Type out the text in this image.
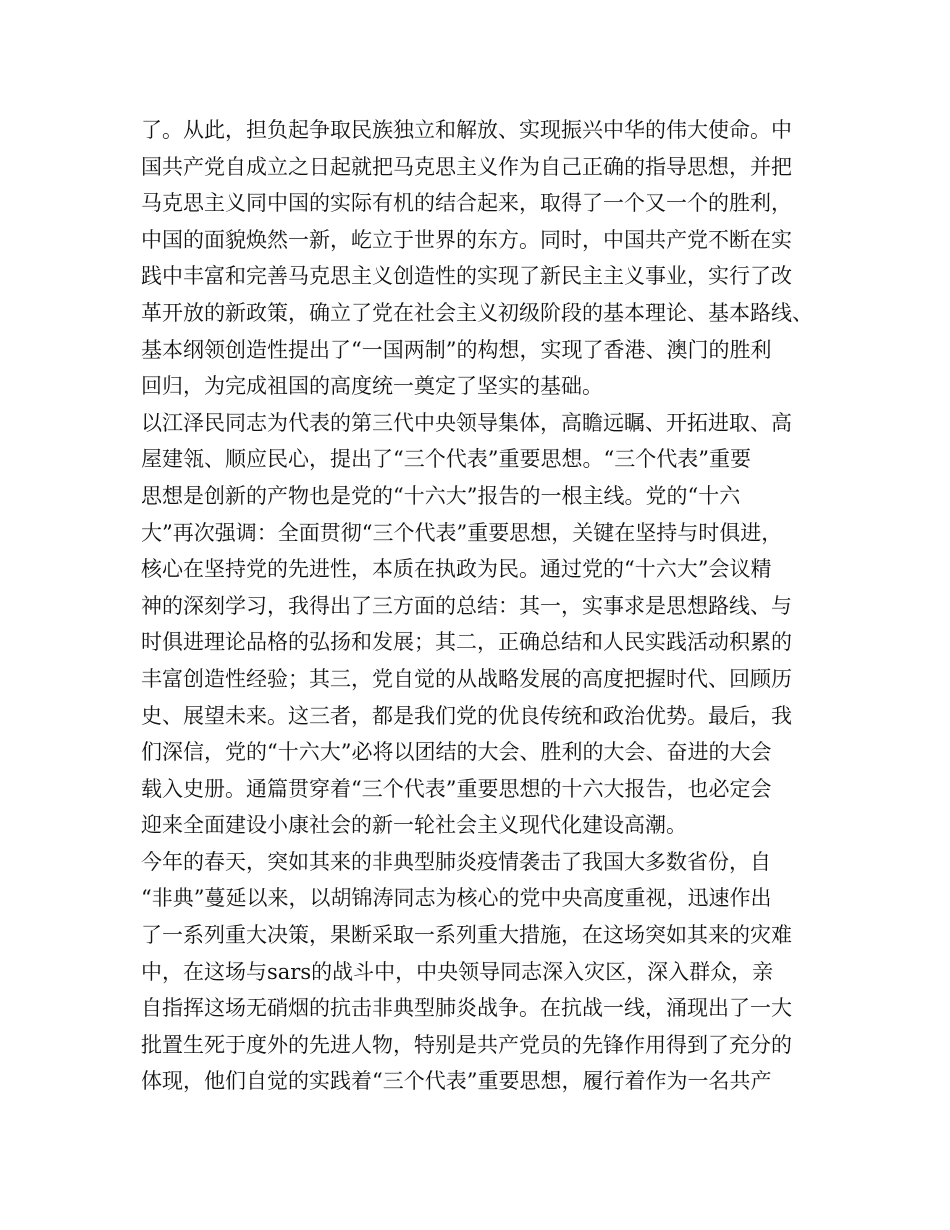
了。从此，担负起争取民族独立和解放、实现振兴中华的伟大使命。中
国共产党自成立之日起就把马克思主义作为自己正确的指导思想，并把
马克思主义同中国的实际有机的结合起来，取得了一个又一个的胜利，
中国的面貌焕然一新，屹立于世界的东方。同时，中国共产党不断在实
践中丰富和完善马克思主义创造性的实现了新民主主义事业，实行了改
革开放的新政策，确立了党在社会主义初级阶段的基本理论、基本路线、
基本纲领创造性提出了“一国两制”的构想，实现了香港、澳门的胜利
回归，为完成祖国的高度统一奠定了坚实的基础。
以江泽民同志为代表的第三代中央领导集体，高瞻远瞩、开拓进取、高
屋建瓴、顺应民心，提出了“三个代表”重要思想。“三个代表”重要
思想是创新的产物也是党的“十六大”报告的一根主线。党的“十六
大”再次强调：全面贯彻“三个代表”重要思想，关键在坚持与时俱进，
核心在坚持党的先进性，本质在执政为民。通过党的“十六大”会议精
神的深刻学习，我得出了三方面的总结：其一，实事求是思想路线、与
时俱进理论品格的弘扬和发展；其二，正确总结和人民实践活动积累的
丰富创造性经验；其三，党自觉的从战略发展的高度把握时代、回顾历
史、展望未来。这三者，都是我们党的优良传统和政治优势。最后，我
们深信，党的“十六大”必将以团结的大会、胜利的大会、奋进的大会
载入史册。通篇贯穿着“三个代表”重要思想的十六大报告，也必定会
迎来全面建设小康社会的新一轮社会主义现代化建设高潮。
今年的春天，突如其来的非典型肺炎疫情袭击了我国大多数省份，自
“非典”蔓延以来，以胡锦涛同志为核心的党中央高度重视，迅速作出
了一系列重大决策，果断采取一系列重大措施，在这场突如其来的灾难
中，在这场与sars的战斗中，中央领导同志深入灾区，深入群众，亲
自指挥这场无硝烟的抗击非典型肺炎战争。在抗战一线，涌现出了一大
批置生死于度外的先进人物，特别是共产党员的先锋作用得到了充分的
体现，他们自觉的实践着“三个代表”重要思想，履行着作为一名共产
